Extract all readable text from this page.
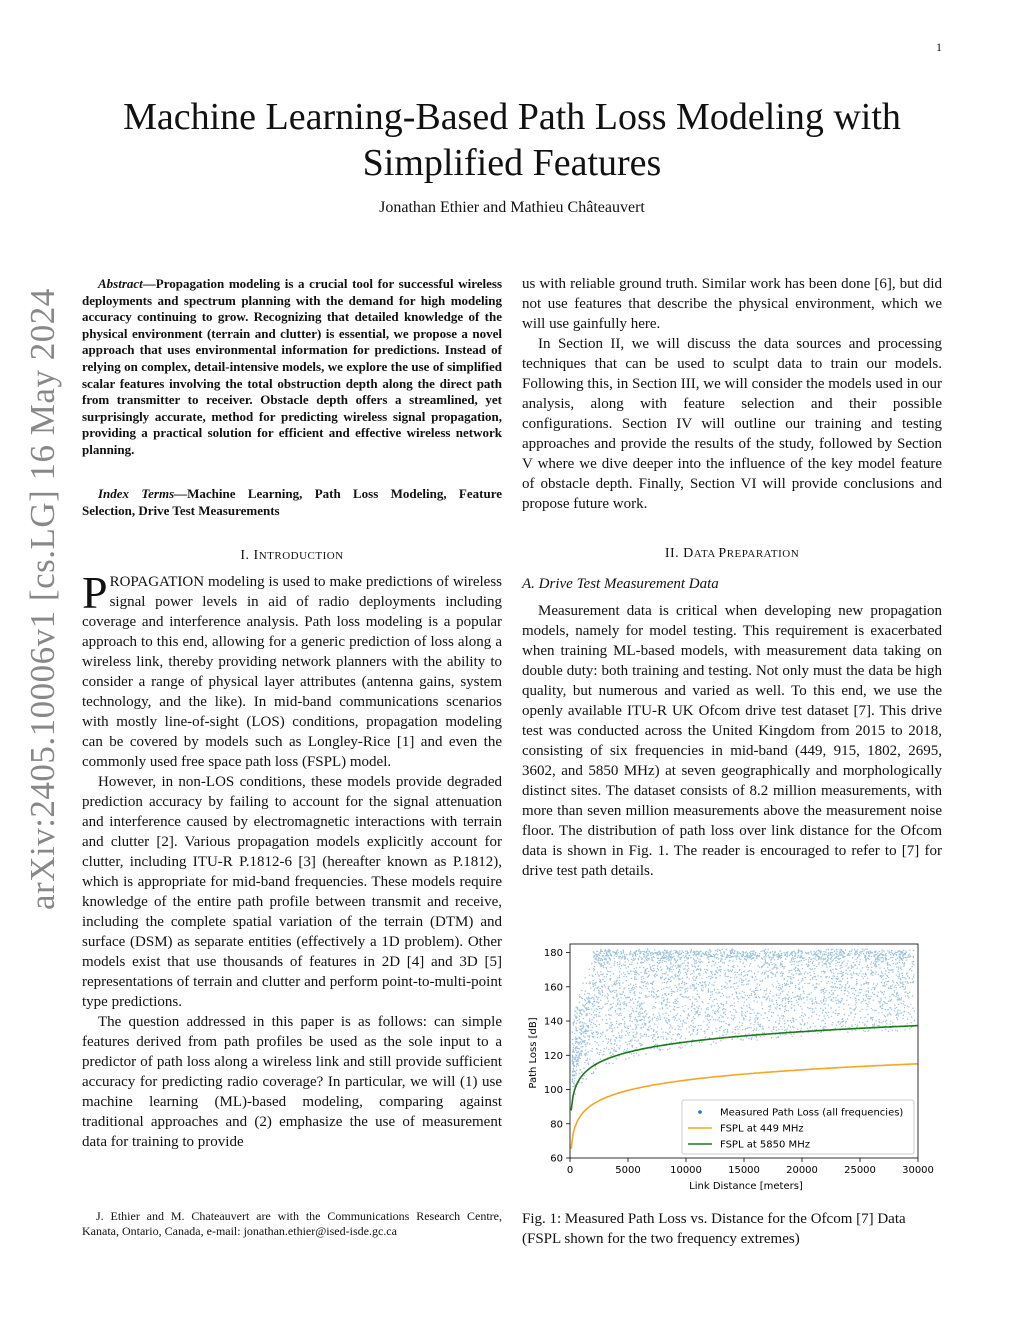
1
Machine Learning-Based Path Loss Modeling with Simplified Features
Jonathan Ethier and Mathieu Châteauvert
arXiv:2405.10006v1 [cs.LG] 16 May 2024
Abstract—Propagation modeling is a crucial tool for successful wireless deployments and spectrum planning with the demand for high modeling accuracy continuing to grow. Recognizing that detailed knowledge of the physical environment (terrain and clutter) is essential, we propose a novel approach that uses environmental information for predictions. Instead of relying on complex, detail-intensive models, we explore the use of simplified scalar features involving the total obstruction depth along the direct path from transmitter to receiver. Obstacle depth offers a streamlined, yet surprisingly accurate, method for predicting wireless signal propagation, providing a practical solution for efficient and effective wireless network planning.
Index Terms—Machine Learning, Path Loss Modeling, Feature Selection, Drive Test Measurements
I. INTRODUCTION

PROPAGATION modeling is used to make predictions of wireless signal power levels in aid of radio deployments including coverage and interference analysis. Path loss modeling is a popular approach to this end, allowing for a generic prediction of loss along a wireless link, thereby providing network planners with the ability to consider a range of physical layer attributes (antenna gains, system technology, and the like). In mid-band communications scenarios with mostly line-of-sight (LOS) conditions, propagation modeling can be covered by models such as Longley-Rice [1] and even the commonly used free space path loss (FSPL) model.

However, in non-LOS conditions, these models provide degraded prediction accuracy by failing to account for the signal attenuation and interference caused by electromagnetic interactions with terrain and clutter [2]. Various propagation models explicitly account for clutter, including ITU-R P.1812-6 [3] (hereafter known as P.1812), which is appropriate for mid-band frequencies. These models require knowledge of the entire path profile between transmit and receive, including the complete spatial variation of the terrain (DTM) and surface (DSM) as separate entities (effectively a 1D problem). Other models exist that use thousands of features in 2D [4] and 3D [5] representations of terrain and clutter and perform point-to-multi-point type predictions.

The question addressed in this paper is as follows: can simple features derived from path profiles be used as the sole input to a predictor of path loss along a wireless link and still provide sufficient accuracy for predicting radio coverage? In particular, we will (1) use machine learning (ML)-based modeling, comparing against traditional approaches and (2) emphasize the use of measurement data for training to provide

J. Ethier and M. Chateauvert are with the Communications Research Centre, Kanata, Ontario, Canada, e-mail: jonathan.ethier@ised-isde.gc.ca

us with reliable ground truth. Similar work has been done [6], but did not use features that describe the physical environment, which we will use gainfully here.

In Section II, we will discuss the data sources and processing techniques that can be used to sculpt data to train our models. Following this, in Section III, we will consider the models used in our analysis, along with feature selection and their possible configurations. Section IV will outline our training and testing approaches and provide the results of the study, followed by Section V where we dive deeper into the influence of the key model feature of obstacle depth. Finally, Section VI will provide conclusions and propose future work.

II. DATA PREPARATION
A. Drive Test Measurement Data

Measurement data is critical when developing new propagation models, namely for model testing. This requirement is exacerbated when training ML-based models, with measurement data taking on double duty: both training and testing. Not only must the data be high quality, but numerous and varied as well. To this end, we use the openly available ITU-R UK Ofcom drive test dataset [7]. This drive test was conducted across the United Kingdom from 2015 to 2018, consisting of six frequencies in mid-band (449, 915, 1802, 2695, 3602, and 5850 MHz) at seven geographically and morphologically distinct sites. The dataset consists of 8.2 million measurements, with more than seven million measurements above the measurement noise floor. The distribution of path loss over link distance for the Ofcom data is shown in Fig. 1. The reader is encouraged to refer to [7] for drive test path details.

0	5000	10000	15000	20000	25000	30000
60
80
100
120
140
160
180
Measured Path Loss (all frequencies)
FSPL at 449 MHz
FSPL at 5850 MHz
Link Distance [meters]
Path Loss [dB]
Fig. 1: Measured Path Loss vs. Distance for the Ofcom [7] Data (FSPL shown for the two frequency extremes)
